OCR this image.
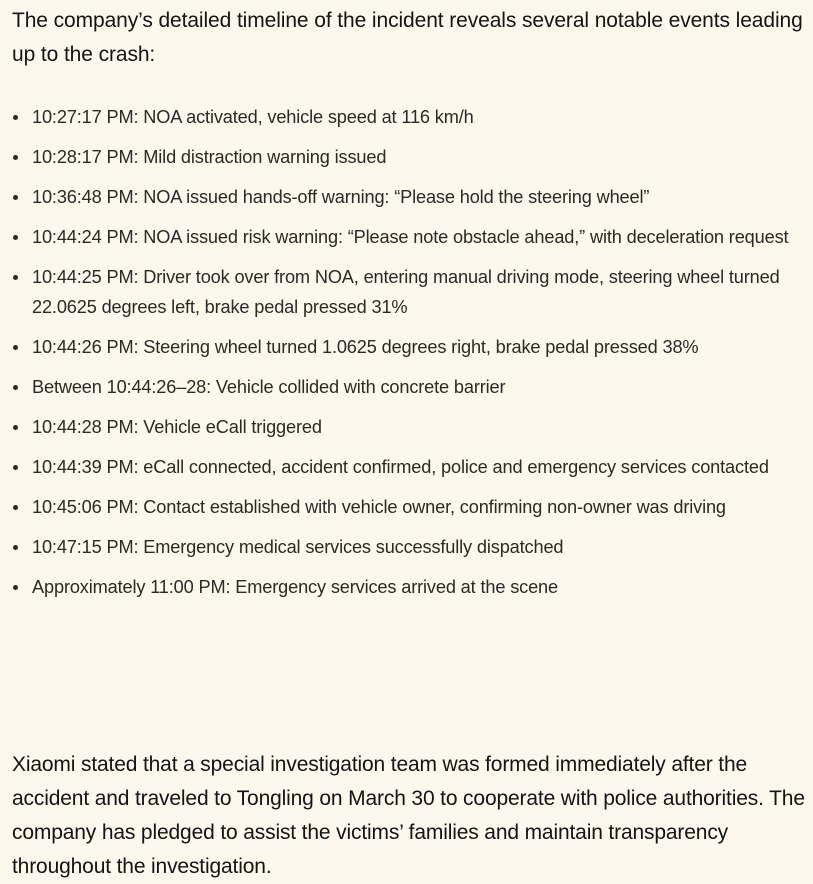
The company’s detailed timeline of the incident reveals several notable events leading up to the crash:

10:27:17 PM: NOA activated, vehicle speed at 116 km/h
10:28:17 PM: Mild distraction warning issued
10:36:48 PM: NOA issued hands-off warning: “Please hold the steering wheel”
10:44:24 PM: NOA issued risk warning: “Please note obstacle ahead,” with deceleration request
10:44:25 PM: Driver took over from NOA, entering manual driving mode, steering wheel turned 22.0625 degrees left, brake pedal pressed 31%
10:44:26 PM: Steering wheel turned 1.0625 degrees right, brake pedal pressed 38%
Between 10:44:26–28: Vehicle collided with concrete barrier
10:44:28 PM: Vehicle eCall triggered
10:44:39 PM: eCall connected, accident confirmed, police and emergency services contacted
10:45:06 PM: Contact established with vehicle owner, confirming non-owner was driving
10:47:15 PM: Emergency medical services successfully dispatched
Approximately 11:00 PM: Emergency services arrived at the scene

Xiaomi stated that a special investigation team was formed immediately after the accident and traveled to Tongling on March 30 to cooperate with police authorities. The company has pledged to assist the victims’ families and maintain transparency throughout the investigation.
